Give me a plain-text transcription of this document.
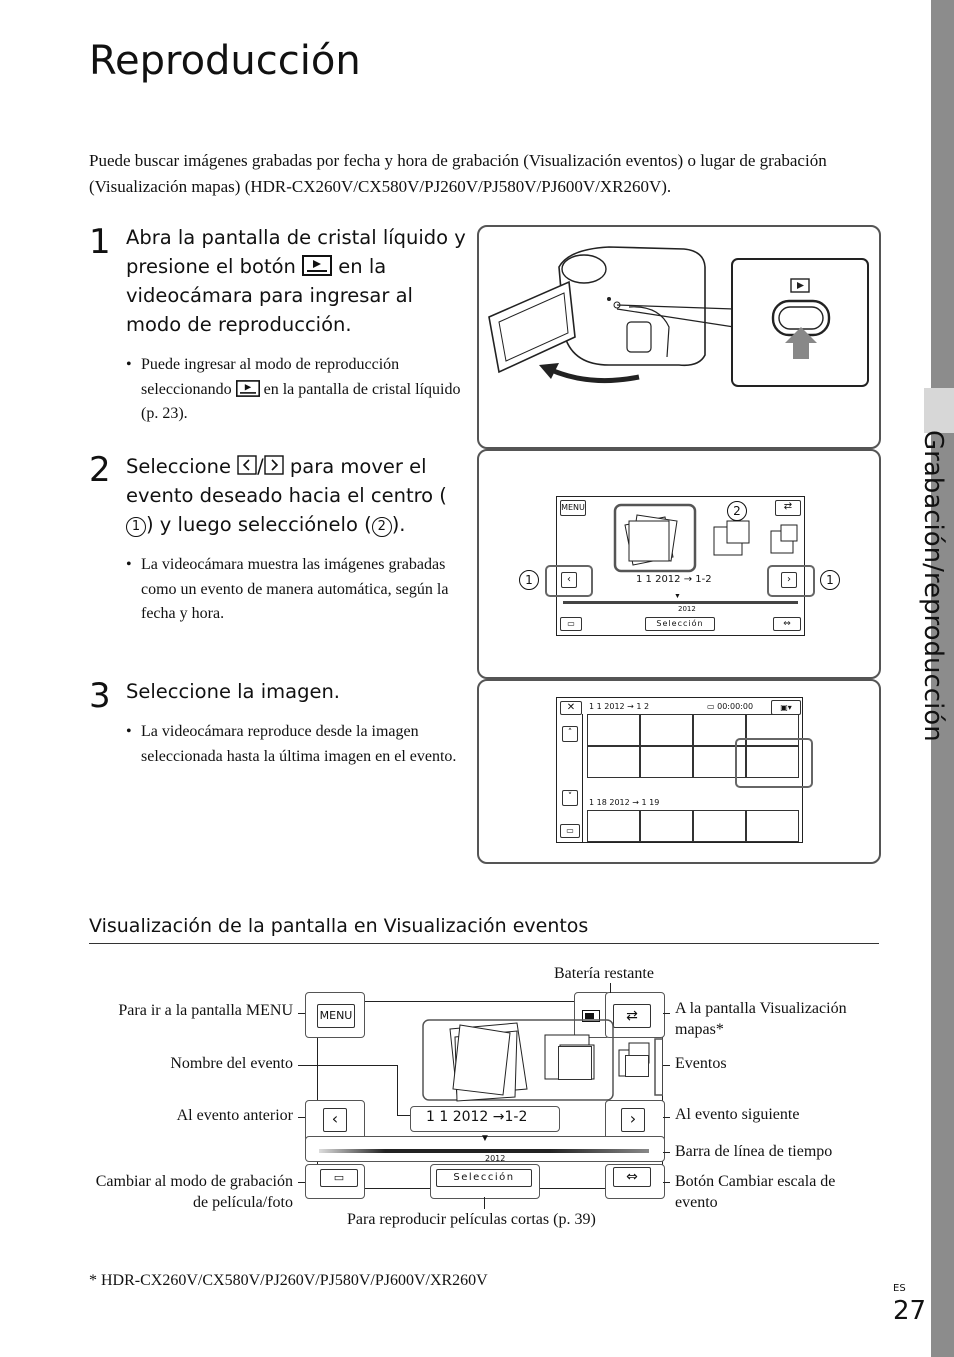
Grabación/reproducción
Reproducción
Puede buscar imágenes grabadas por fecha y hora de grabación (Visualización eventos) o lugar de grabación (Visualización mapas) (HDR-CX260V/CX580V/PJ260V/PJ580V/PJ600V/XR260V).
1 Abra la pantalla de cristal líquido y presione el botón en la videocámara para ingresar al modo de reproducción.
• Puede ingresar al modo de reproducción seleccionando en la pantalla de cristal líquido (p. 23).
2 Seleccione / para mover el evento deseado hacia el centro (1 ) y luego selecciónelo ( 2 ).
• La videocámara muestra las imágenes grabadas como un evento de manera automática, según la fecha y hora.
3 Seleccione la imagen.
• La videocámara reproduce desde la imagen seleccionada hasta la última imagen en el evento.
MENU	⇄
2
‹	›
1 1 2012 → 1-2
▼
2012
▭	Selección	⇔
1	1
✕	1 1 2012 → 1 2	▭ 00:00:00	▣▾
˄
˅
▭
1 18 2012 → 1 19
Visualización de la pantalla en Visualización eventos
MENU	⇄
‹	›
1 1 2012 →1-2
▼
2012
▭	Selección	⇔
Batería restante
Para ir a la pantalla MENU	A la pantalla Visualización mapas*
Nombre del evento	Eventos
Al evento anterior	Al evento siguiente
Barra de línea de tiempo
Cambiar al modo de grabación de película/foto
Botón Cambiar escala de evento
Para reproducir películas cortas (p. 39)
* HDR-CX260V/CX580V/PJ260V/PJ580V/PJ600V/XR260V	ES
27
